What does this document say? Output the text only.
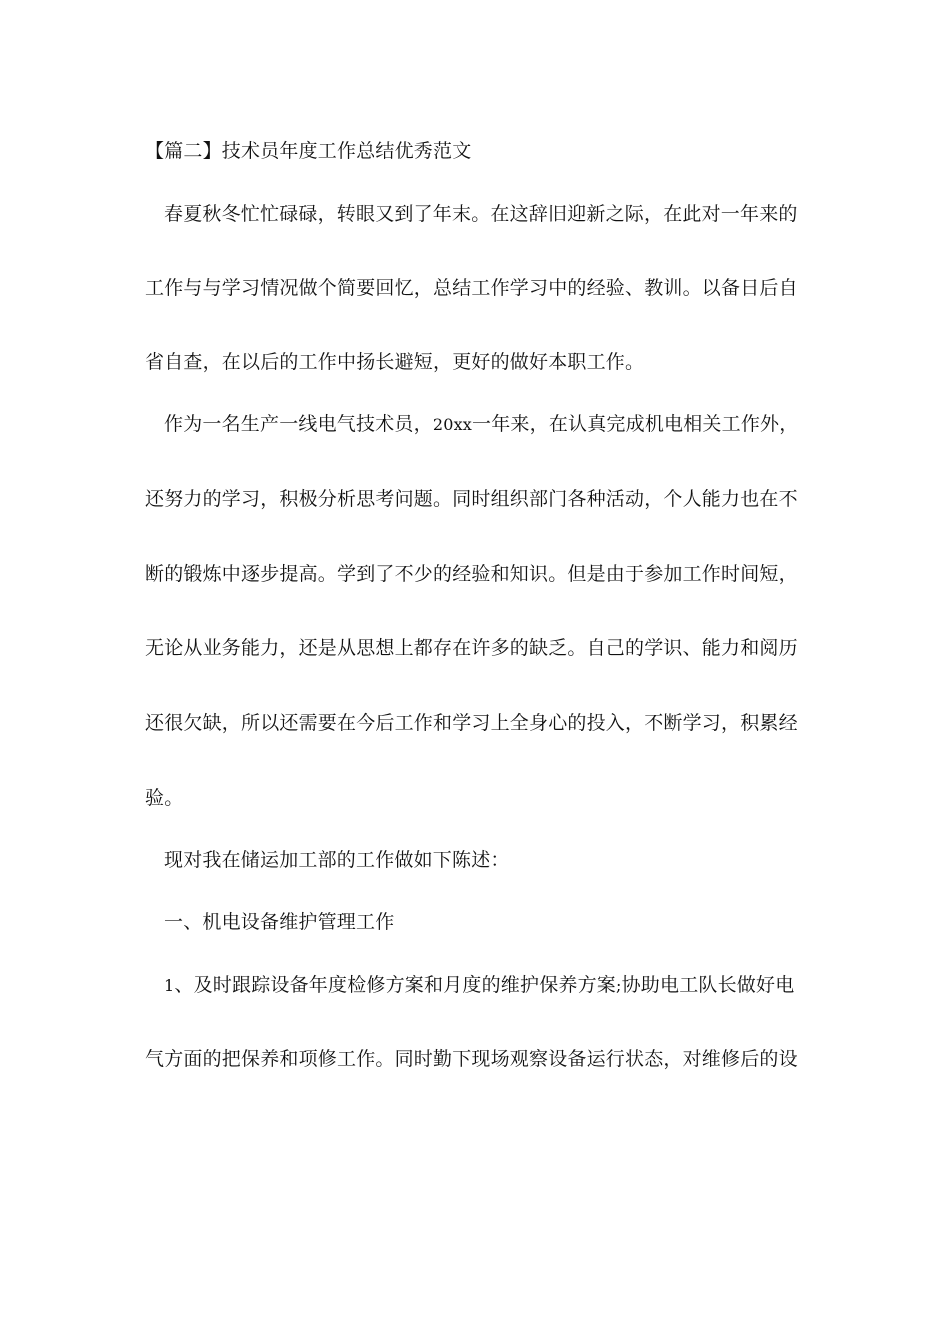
【篇二】技术员年度工作总结优秀范文
春夏秋冬忙忙碌碌，转眼又到了年末。在这辞旧迎新之际，在此对一年来的
工作与与学习情况做个简要回忆，总结工作学习中的经验、教训。以备日后自
省自查，在以后的工作中扬长避短，更好的做好本职工作。
作为一名生产一线电气技术员，20xx一年来，在认真完成机电相关工作外，
还努力的学习，积极分析思考问题。同时组织部门各种活动，个人能力也在不
断的锻炼中逐步提高。学到了不少的经验和知识。但是由于参加工作时间短，
无论从业务能力，还是从思想上都存在许多的缺乏。自己的学识、能力和阅历
还很欠缺，所以还需要在今后工作和学习上全身心的投入，不断学习，积累经
验。
现对我在储运加工部的工作做如下陈述：
一、机电设备维护管理工作
1、及时跟踪设备年度检修方案和月度的维护保养方案;协助电工队长做好电
气方面的把保养和项修工作。同时勤下现场观察设备运行状态，对维修后的设
